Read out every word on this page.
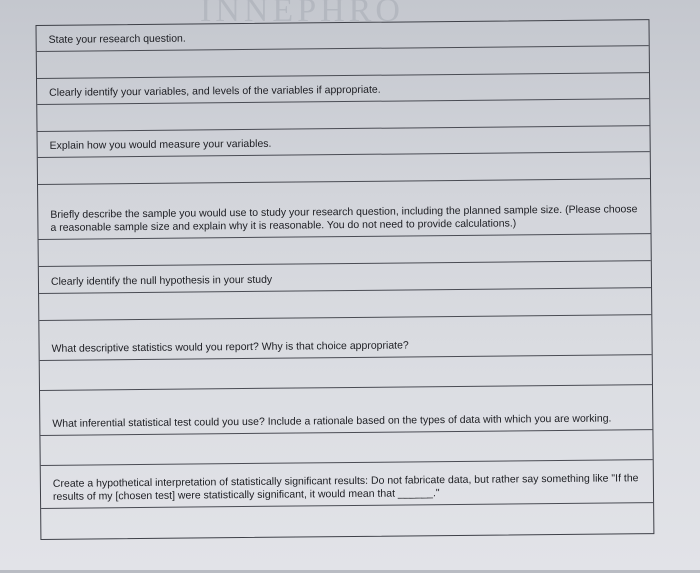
INNEPHRO
State your research question.
Clearly identify your variables, and levels of the variables if appropriate.
Explain how you would measure your variables.
Briefly describe the sample you would use to study your research question, including the planned sample size. (Please choose a reasonable sample size and explain why it is reasonable. You do not need to provide calculations.)
Clearly identify the null hypothesis in your study
What descriptive statistics would you report? Why is that choice appropriate?
What inferential statistical test could you use? Include a rationale based on the types of data with which you are working.
Create a hypothetical interpretation of statistically significant results: Do not fabricate data, but rather say something like "If the results of my [chosen test] were statistically significant, it would mean that ______."
